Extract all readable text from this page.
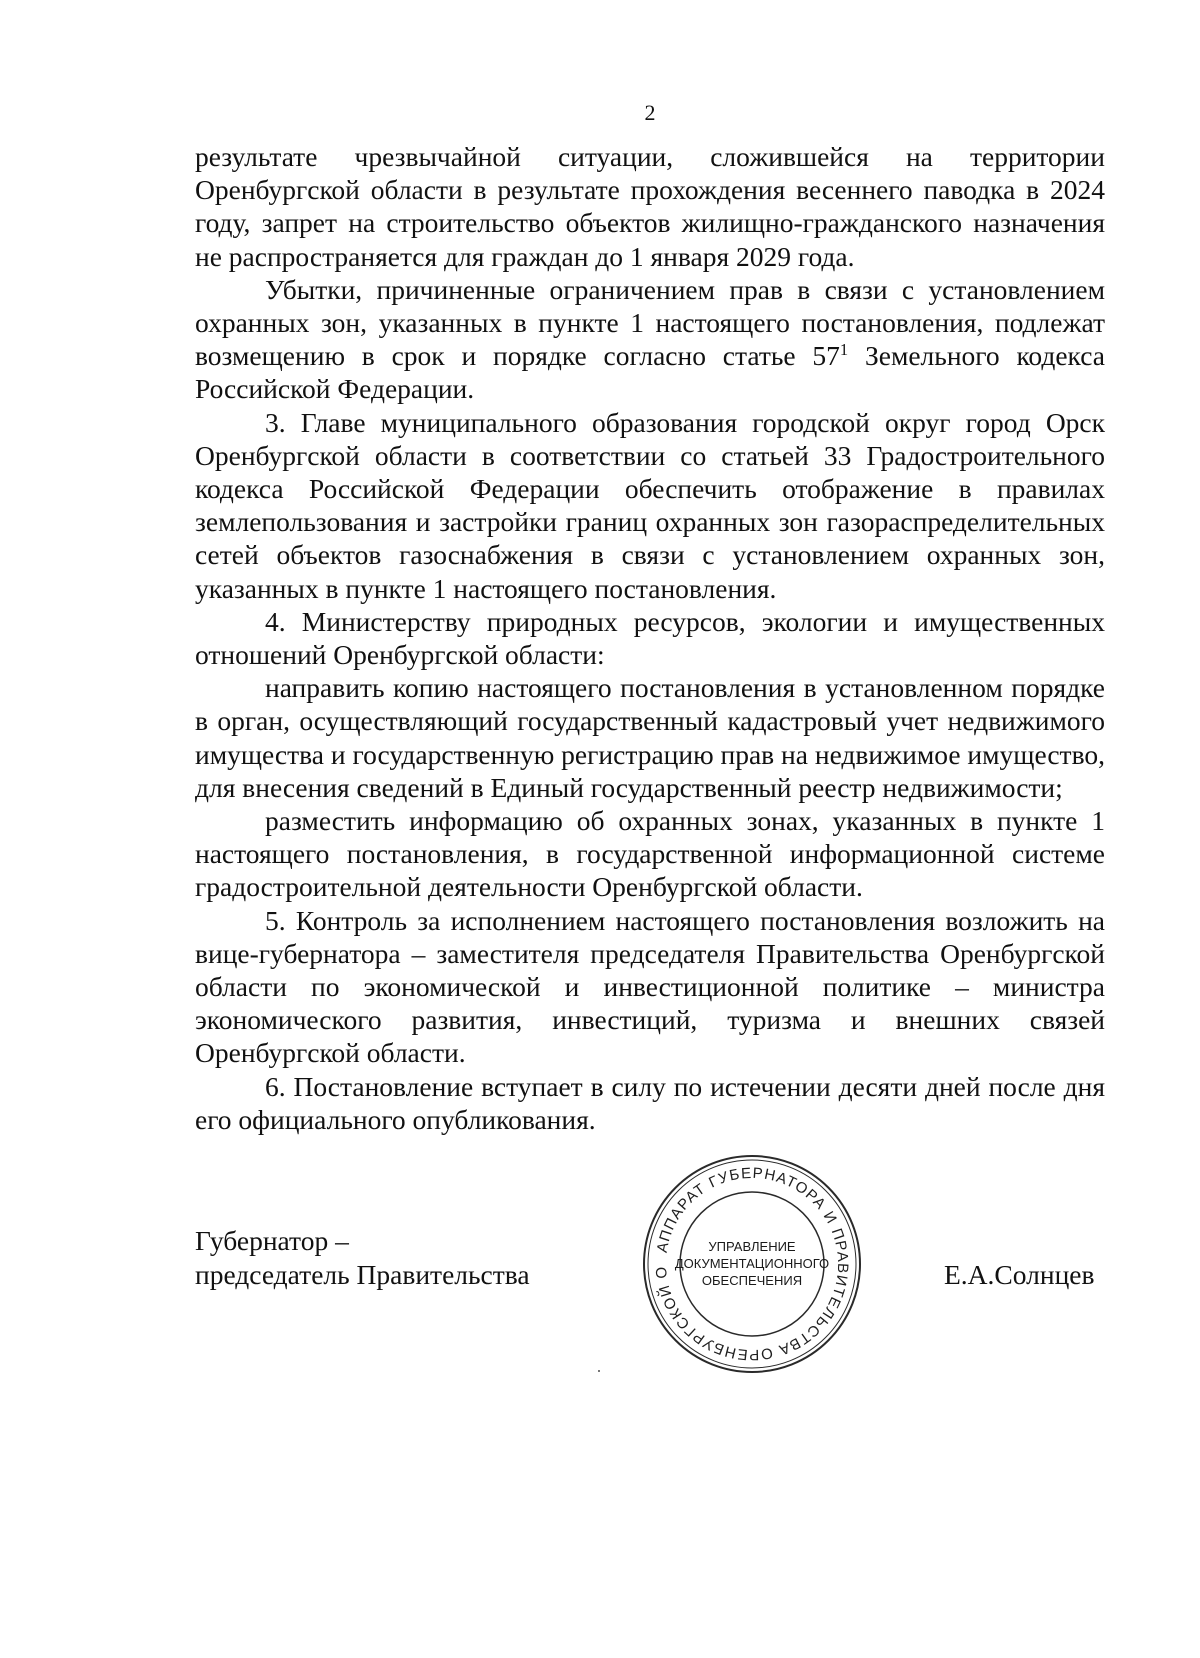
2

результате чрезвычайной ситуации, сложившейся на территории Оренбургской области в результате прохождения весеннего паводка в 2024 году, запрет на строительство объектов жилищно-гражданского назначения не распространяется для граждан до 1 января 2029 года.

Убытки, причиненные ограничением прав в связи с установлением охранных зон, указанных в пункте 1 настоящего постановления, подлежат возмещению в срок и порядке согласно статье $57^1$ Земельного кодекса Российской Федерации.

3. Главе муниципального образования городской округ город Орск Оренбургской области в соответствии со статьей 33 Градостроительного кодекса Российской Федерации обеспечить отображение в правилах землепользования и застройки границ охранных зон газораспределительных сетей объектов газоснабжения в связи с установлением охранных зон, указанных в пункте 1 настоящего постановления.

4. Министерству природных ресурсов, экологии и имущественных отношений Оренбургской области:

направить копию настоящего постановления в установленном порядке в орган, осуществляющий государственный кадастровый учет недвижимого имущества и государственную регистрацию прав на недвижимое имущество, для внесения сведений в Единый государственный реестр недвижимости;

разместить информацию об охранных зонах, указанных в пункте 1 настоящего постановления, в государственной информационной системе градостроительной деятельности Оренбургской области.

5. Контроль за исполнением настоящего постановления возложить на вице-губернатора – заместителя председателя Правительства Оренбургской области по экономической и инвестиционной политике – министра экономического развития, инвестиций, туризма и внешних связей Оренбургской области.

6. Постановление вступает в силу по истечении десяти дней после дня его официального опубликования.

Губернатор –
председатель Правительства
АППАРАТ ГУБЕРНАТОРА И ПРАВИТЕЛЬСТВА ОРЕНБУРГСКОЙ О
УПРАВЛЕНИЕ
ДОКУМЕНТАЦИОННОГО
ОБЕСПЕЧЕНИЯ	Е.А.Солнцев
